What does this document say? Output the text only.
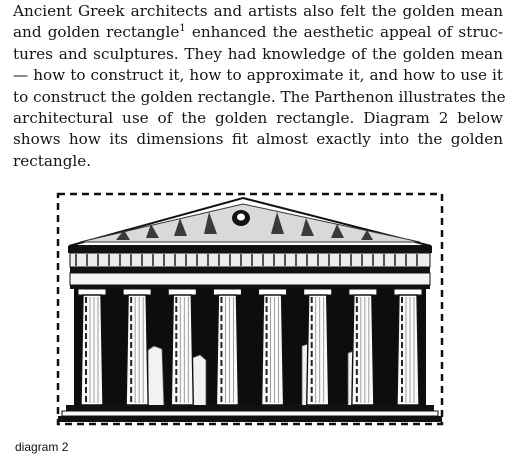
Ancient Greek architects and artists also felt the golden mean
and golden rectangle$^1$ enhanced the aesthetic appeal of struc-
tures and sculptures. They had knowledge of the golden mean
— how to construct it, how to approximate it, and how to use it
to construct the golden rectangle. The Parthenon illustrates the
architectural use of the golden rectangle. Diagram 2 below
shows how its dimensions fit almost exactly into the golden
rectangle.
diagram 2
